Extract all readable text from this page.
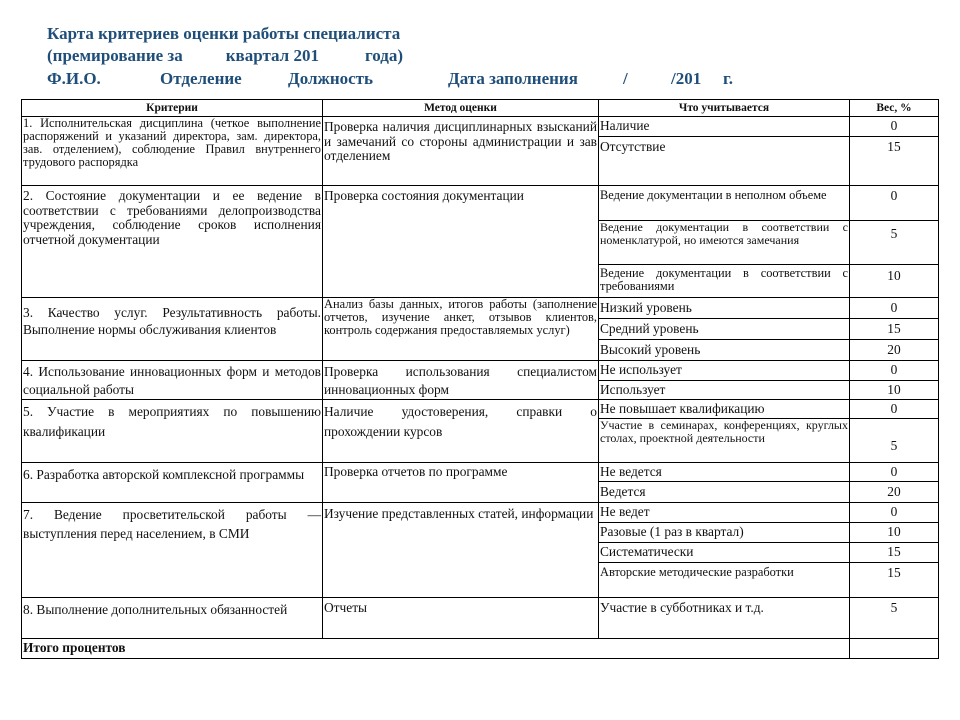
Карта критериев оценки работы специалиста
(премирование за	квартал 201	года)

Ф.И.О.

	Отделение

	Должность

	Дата заполнения

	/

	/201

г.

Критерии	Метод оценки	Что учитывается	Вес, %
1. Исполнительская дисциплина (четкое выполнение распоряжений и указаний директора, зам. директора, зав. отделением), соблюдение Правил внутреннего трудового распорядка	Проверка наличия дисциплинарных взысканий и замечаний со стороны администрации и зав отделением	Наличие	0
		Отсутствие	15
2. Состояние документации и ее ведение в соответствии с требованиями делопроизводства учреждения, соблюдение сроков исполнения отчетной документации	Проверка состояния документации	Ведение документации в неполном объеме	0
		Ведение документации в соответствии с номенклатурой, но имеются замечания	5
		Ведение документации в соответствии с требованиями	10
3. Качество услуг. Результативность работы. Выполнение нормы обслуживания клиентов	Анализ базы данных, итогов работы (заполнение отчетов, изучение анкет, отзывов клиентов, контроль содержания предоставляемых услуг)	Низкий уровень	0
		Средний уровень	15
		Высокий уровень	20
4. Использование инновационных форм и методов социальной работы	Проверка использования специалистом инновационных форм	Не использует	0
		Использует	10
5. Участие в мероприятиях по повышению квалификации	Наличие удостоверения, справки о прохождении курсов	Не повышает квалификацию	0
		Участие в семинарах, конференциях, круглых столах, проектной деятельности	5
6. Разработка авторской комплексной программы	Проверка отчетов по программе	Не ведется	0
		Ведется	20
7. Ведение просветительской работы — выступления перед населением, в СМИ	Изучение представленных статей, информации	Не ведет	0
		Разовые (1 раз в квартал)	10
		Систематически	15
		Авторские методические разработки	15
8. Выполнение дополнительных обязанностей	Отчеты	Участие в субботниках и т.д.	5
Итого процентов			
